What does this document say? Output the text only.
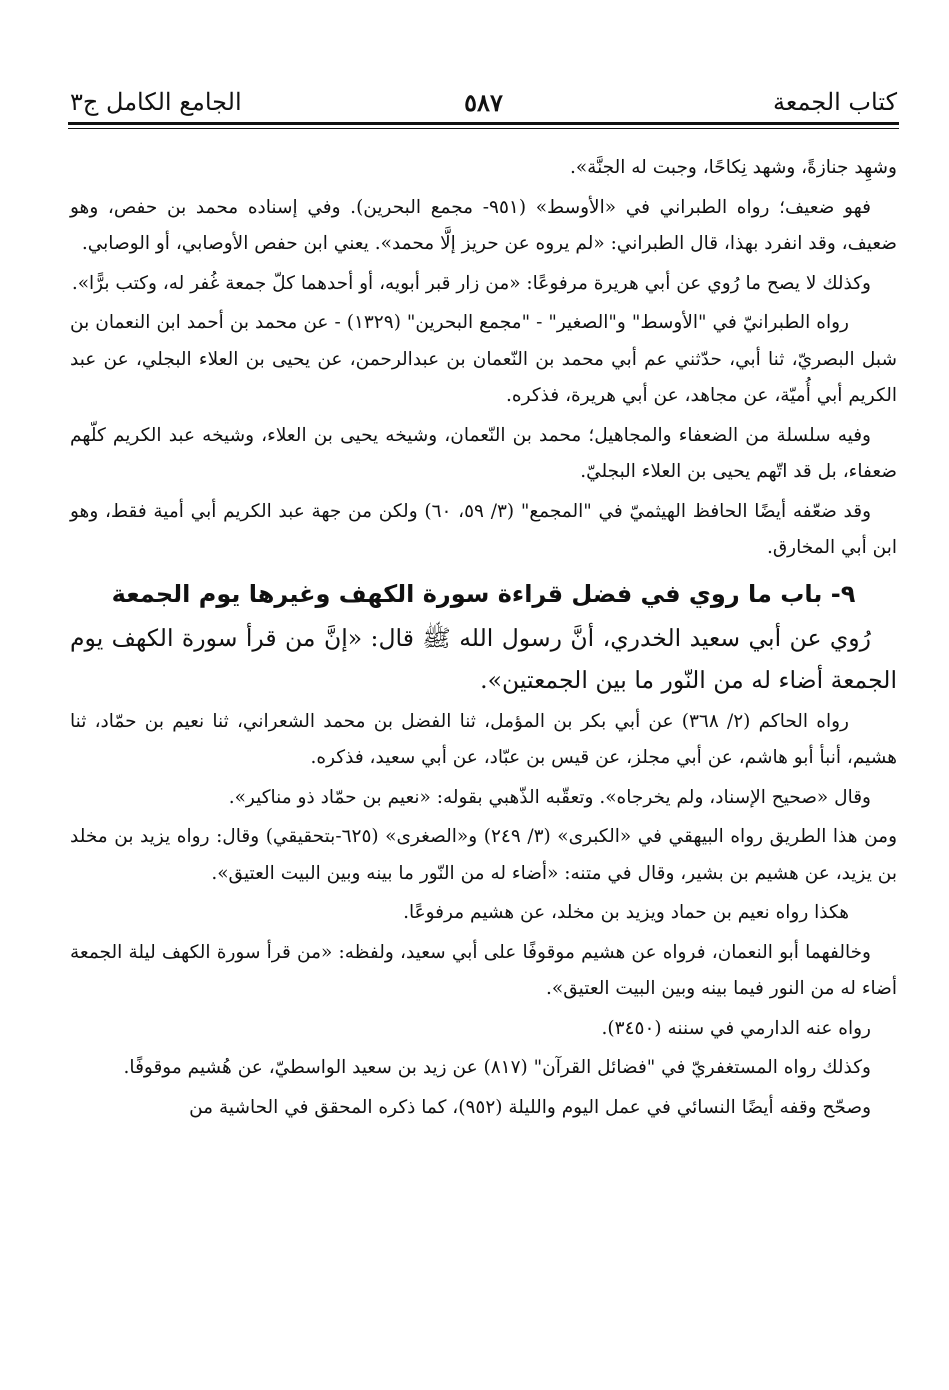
الجامع الكامل ج٣	٥٨٧	كتاب الجمعة

وشهِد جنازةً، وشهد نِكاحًا، وجبت له الجنَّة».

فهو ضعيف؛ رواه الطبراني في «الأوسط» (٩٥١- مجمع البحرين). وفي إسناده محمد بن حفص، وهو ضعيف، وقد انفرد بهذا، قال الطبراني: «لم يروه عن حريز إلَّا محمد». يعني ابن حفص الأوصابي، أو الوصابي.

وكذلك لا يصح ما رُوي عن أبي هريرة مرفوعًا: «من زار قبر أبويه، أو أحدهما كلّ جمعة غُفر له، وكتب برًّا».

رواه الطبرانيّ في "الأوسط" و"الصغير" - "مجمع البحرين" (١٣٢٩) - عن محمد بن أحمد ابن النعمان بن شبل البصريّ، ثنا أبي، حدّثني عم أبي محمد بن النّعمان بن عبدالرحمن، عن يحيى بن العلاء البجلي، عن عبد الكريم أبي أُميّة، عن مجاهد، عن أبي هريرة، فذكره.

وفيه سلسلة من الضعفاء والمجاهيل؛ محمد بن النّعمان، وشيخه يحيى بن العلاء، وشيخه عبد الكريم كلّهم ضعفاء، بل قد اتّهم يحيى بن العلاء البجليّ.

وقد ضعّفه أيضًا الحافظ الهيثميّ في "المجمع" (٣/ ٥٩، ٦٠) ولكن من جهة عبد الكريم أبي أمية فقط، وهو ابن أبي المخارق.

٩- باب ما روي في فضل قراءة سورة الكهف وغيرها يوم الجمعة

رُوي عن أبي سعيد الخدري، أنَّ رسول الله ﷺ قال: «إنَّ من قرأ سورة الكهف يوم الجمعة أضاء له من النّور ما بين الجمعتين».

رواه الحاكم (٢/ ٣٦٨) عن أبي بكر بن المؤمل، ثنا الفضل بن محمد الشعراني، ثنا نعيم بن حمّاد، ثنا هشيم، أنبأ أبو هاشم، عن أبي مجلز، عن قيس بن عبّاد، عن أبي سعيد، فذكره.

وقال «صحيح الإسناد، ولم يخرجاه». وتعقّبه الذّهبي بقوله: «نعيم بن حمّاد ذو مناكير».

ومن هذا الطريق رواه البيهقي في «الكبرى» (٣/ ٢٤٩) و«الصغرى» (٦٢٥-بتحقيقي) وقال: رواه يزيد بن مخلد بن يزيد، عن هشيم بن بشير، وقال في متنه: «أضاء له من النّور ما بينه وبين البيت العتيق».

هكذا رواه نعيم بن حماد ويزيد بن مخلد، عن هشيم مرفوعًا.

وخالفهما أبو النعمان، فرواه عن هشيم موقوفًا على أبي سعيد، ولفظه: «من قرأ سورة الكهف ليلة الجمعة أضاء له من النور فيما بينه وبين البيت العتيق».

رواه عنه الدارمي في سننه (٣٤٥٠).

وكذلك رواه المستغفريّ في "فضائل القرآن" (٨١٧) عن زيد بن سعيد الواسطيّ، عن هُشيم موقوفًا.

وصحّح وقفه أيضًا النسائي في عمل اليوم والليلة (٩٥٢)، كما ذكره المحقق في الحاشية من
